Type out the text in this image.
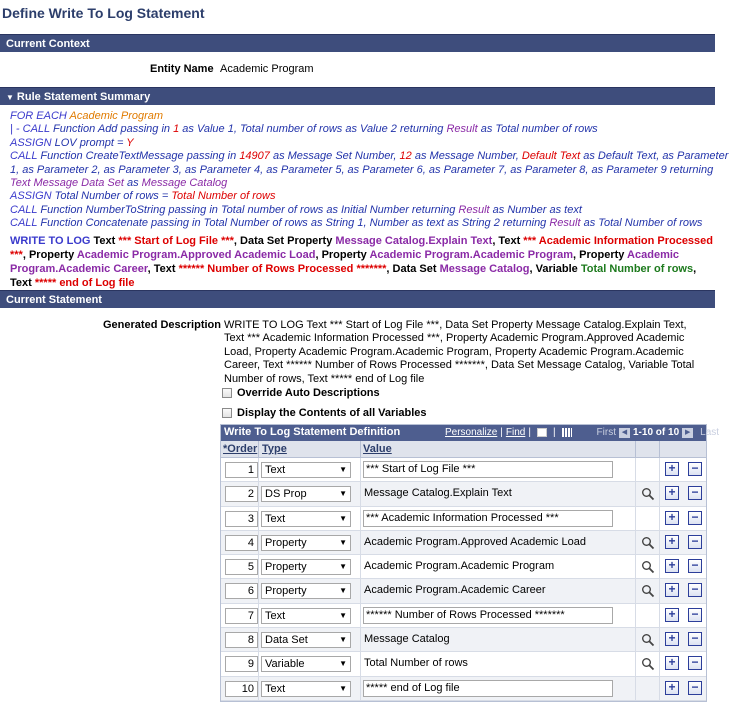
Define Write To Log Statement
Current Context
Entity Name Academic Program
▼ Rule Statement Summary
FOR EACH Academic Program
| - CALL Function Add passing in 1 as Value 1, Total number of rows as Value 2 returning Result as Total number of rows
ASSIGN LOV prompt = Y
CALL Function CreateTextMessage passing in 14907 as Message Set Number, 12 as Message Number, Default Text as Default Text, as Parameter
1, as Parameter 2, as Parameter 3, as Parameter 4, as Parameter 5, as Parameter 6, as Parameter 7, as Parameter 8, as Parameter 9 returning
Text Message Data Set as Message Catalog
ASSIGN Total Number of rows = Total Number of rows
CALL Function NumberToString passing in Total number of rows as Initial Number returning Result as Number as text
CALL Function Concatenate passing in Total Number of rows as String 1, Number as text as String 2 returning Result as Total Number of rows
WRITE TO LOG Text *** Start of Log File ***, Data Set Property Message Catalog.Explain Text, Text *** Academic Information Processed ***, Property Academic Program.Approved Academic Load, Property Academic Program.Academic Program, Property Academic Program.Academic Career, Text ****** Number of Rows Processed *******, Data Set Message Catalog, Variable Total Number of rows, Text ***** end of Log file
Current Statement
Generated Description WRITE TO LOG Text *** Start of Log File ***, Data Set Property Message Catalog.Explain Text, Text *** Academic Information Processed ***, Property Academic Program.Approved Academic Load, Property Academic Program.Academic Program, Property Academic Program.Academic Career, Text ****** Number of Rows Processed *******, Data Set Message Catalog, Variable Total Number of rows, Text ***** end of Log file
Override Auto Descriptions
Display the Contents of all Variables
Write To Log Statement Definition	Personalize | Find | |	First ◀ 1-10 of 10 ▶ Last
*Order Type	Value
1	Text	▼ *** Start of Log File ***	+ −
2	DS Prop	▼ Message Catalog.Explain Text	+ −
3	Text	▼ *** Academic Information Processed ***	+ −
4	Property	▼ Academic Program.Approved Academic Load	+ −
5	Property	▼ Academic Program.Academic Program	+ −
6	Property	▼ Academic Program.Academic Career	+ −
7	Text	▼ ****** Number of Rows Processed *******	+ −
8	Data Set	▼ Message Catalog	+ −
9	Variable	▼ Total Number of rows	+ −
10	Text	▼ ***** end of Log file	+ −
